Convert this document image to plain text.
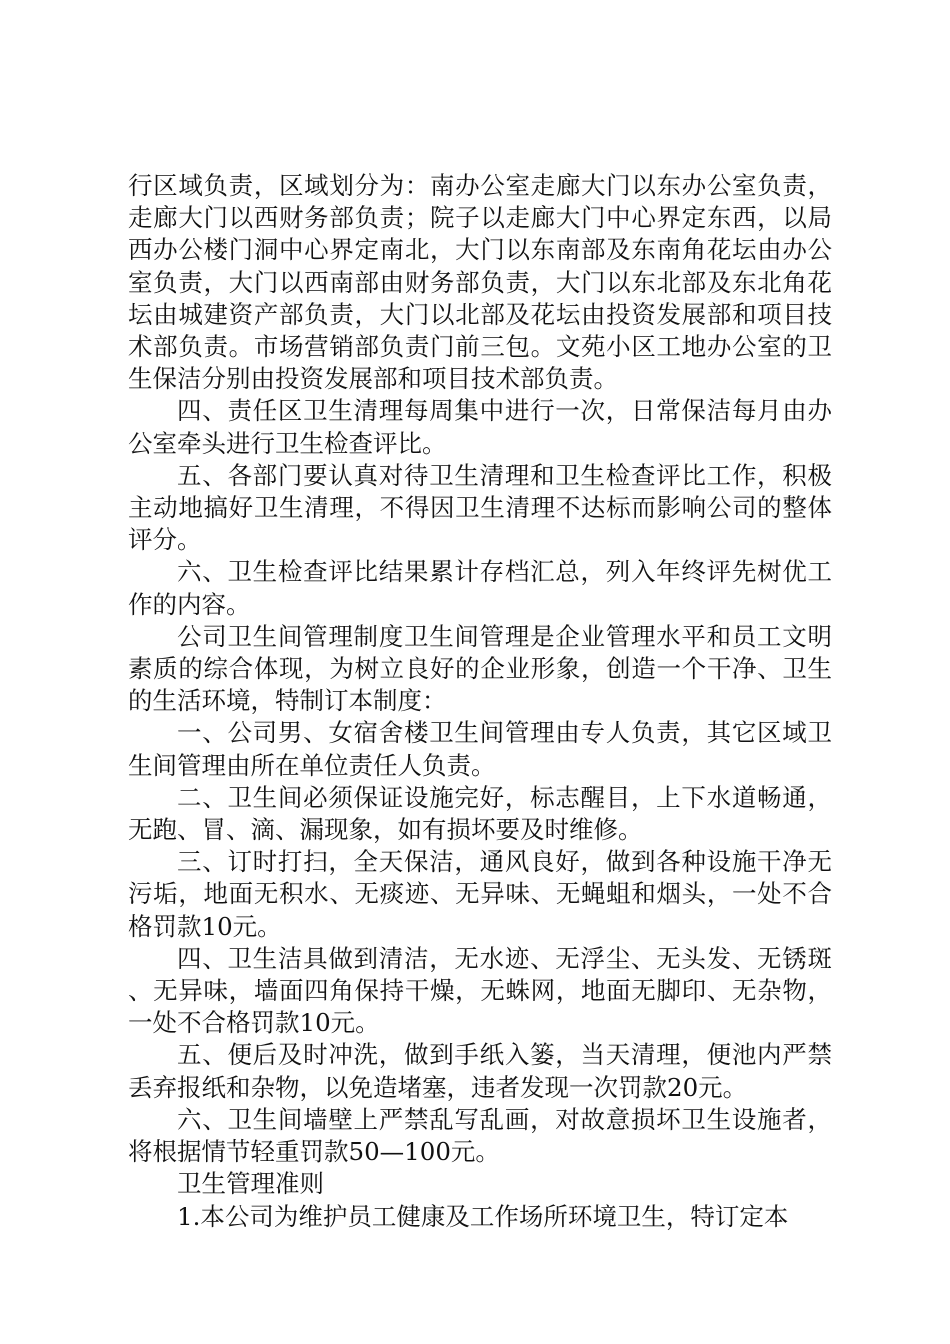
行区域负责，区域划分为：南办公室走廊大门以东办公室负责，走廊大门以西财务部负责；院子以走廊大门中心界定东西，以局西办公楼门洞中心界定南北，大门以东南部及东南角花坛由办公室负责，大门以西南部由财务部负责，大门以东北部及东北角花坛由城建资产部负责，大门以北部及花坛由投资发展部和项目技术部负责。市场营销部负责门前三包。文苑小区工地办公室的卫生保洁分别由投资发展部和项目技术部负责。

四、责任区卫生清理每周集中进行一次，日常保洁每月由办公室牵头进行卫生检查评比。

五、各部门要认真对待卫生清理和卫生检查评比工作，积极主动地搞好卫生清理，不得因卫生清理不达标而影响公司的整体评分。

六、卫生检查评比结果累计存档汇总，列入年终评先树优工作的内容。

公司卫生间管理制度卫生间管理是企业管理水平和员工文明素质的综合体现，为树立良好的企业形象，创造一个干净、卫生的生活环境，特制订本制度：

一、公司男、女宿舍楼卫生间管理由专人负责，其它区域卫生间管理由所在单位责任人负责。

二、卫生间必须保证设施完好，标志醒目，上下水道畅通，无跑、冒、滴、漏现象，如有损坏要及时维修。

三、订时打扫，全天保洁，通风良好，做到各种设施干净无污垢，地面无积水、无痰迹、无异味、无蝇蛆和烟头，一处不合格罚款10元。

四、卫生洁具做到清洁，无水迹、无浮尘、无头发、无锈斑、无异味，墙面四角保持干燥，无蛛网，地面无脚印、无杂物，一处不合格罚款10元。

五、便后及时冲洗，做到手纸入篓，当天清理，便池内严禁丢弃报纸和杂物，以免造堵塞，违者发现一次罚款20元。

六、卫生间墙壁上严禁乱写乱画，对故意损坏卫生设施者，将根据情节轻重罚款50—100元。

卫生管理准则

1.本公司为维护员工健康及工作场所环境卫生，特订定本
